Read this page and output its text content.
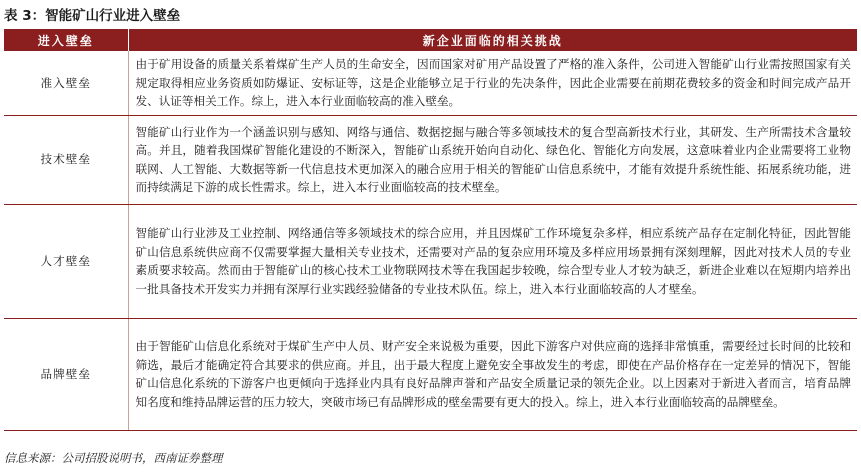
表 3：智能矿山行业进入壁垒
进入壁垒	新企业面临的相关挑战
准入壁垒	由于矿用设备的质量关系着煤矿生产人员的生命安全，因而国家对矿用产品设置了严格的准入条件，公司进入智能矿山行业需按照国家有关规定取得相应业务资质如防爆证、安标证等，这是企业能够立足于行业的先决条件，因此企业需要在前期花费较多的资金和时间完成产品开发、认证等相关工作。综上，进入本行业面临较高的准入壁垒。
技术壁垒	智能矿山行业作为一个涵盖识别与感知、网络与通信、数据挖掘与融合等多领域技术的复合型高新技术行业，其研发、生产所需技术含量较高。并且，随着我国煤矿智能化建设的不断深入，智能矿山系统开始向自动化、绿色化、智能化方向发展，这意味着业内企业需要将工业物联网、人工智能、大数据等新一代信息技术更加深入的融合应用于相关的智能矿山信息系统中，才能有效提升系统性能、拓展系统功能，进而持续满足下游的成长性需求。综上，进入本行业面临较高的技术壁垒。
人才壁垒	智能矿山行业涉及工业控制、网络通信等多领域技术的综合应用，并且因煤矿工作环境复杂多样，相应系统产品存在定制化特征，因此智能矿山信息系统供应商不仅需要掌握大量相关专业技术，还需要对产品的复杂应用环境及多样应用场景拥有深刻理解，因此对技术人员的专业素质要求较高。然而由于智能矿山的核心技术工业物联网技术等在我国起步较晚，综合型专业人才较为缺乏，新进企业难以在短期内培养出一批具备技术开发实力并拥有深厚行业实践经验储备的专业技术队伍。综上，进入本行业面临较高的人才壁垒。
品牌壁垒	由于智能矿山信息化系统对于煤矿生产中人员、财产安全来说极为重要，因此下游客户对供应商的选择非常慎重，需要经过长时间的比较和筛选，最后才能确定符合其要求的供应商。并且，出于最大程度上避免安全事故发生的考虑，即使在产品价格存在一定差异的情况下，智能矿山信息化系统的下游客户也更倾向于选择业内具有良好品牌声誉和产品安全质量记录的领先企业。以上因素对于新进入者而言，培育品牌知名度和维持品牌运营的压力较大，突破市场已有品牌形成的壁垒需要有更大的投入。综上，进入本行业面临较高的品牌壁垒。
信息来源：公司招股说明书，西南证券整理
